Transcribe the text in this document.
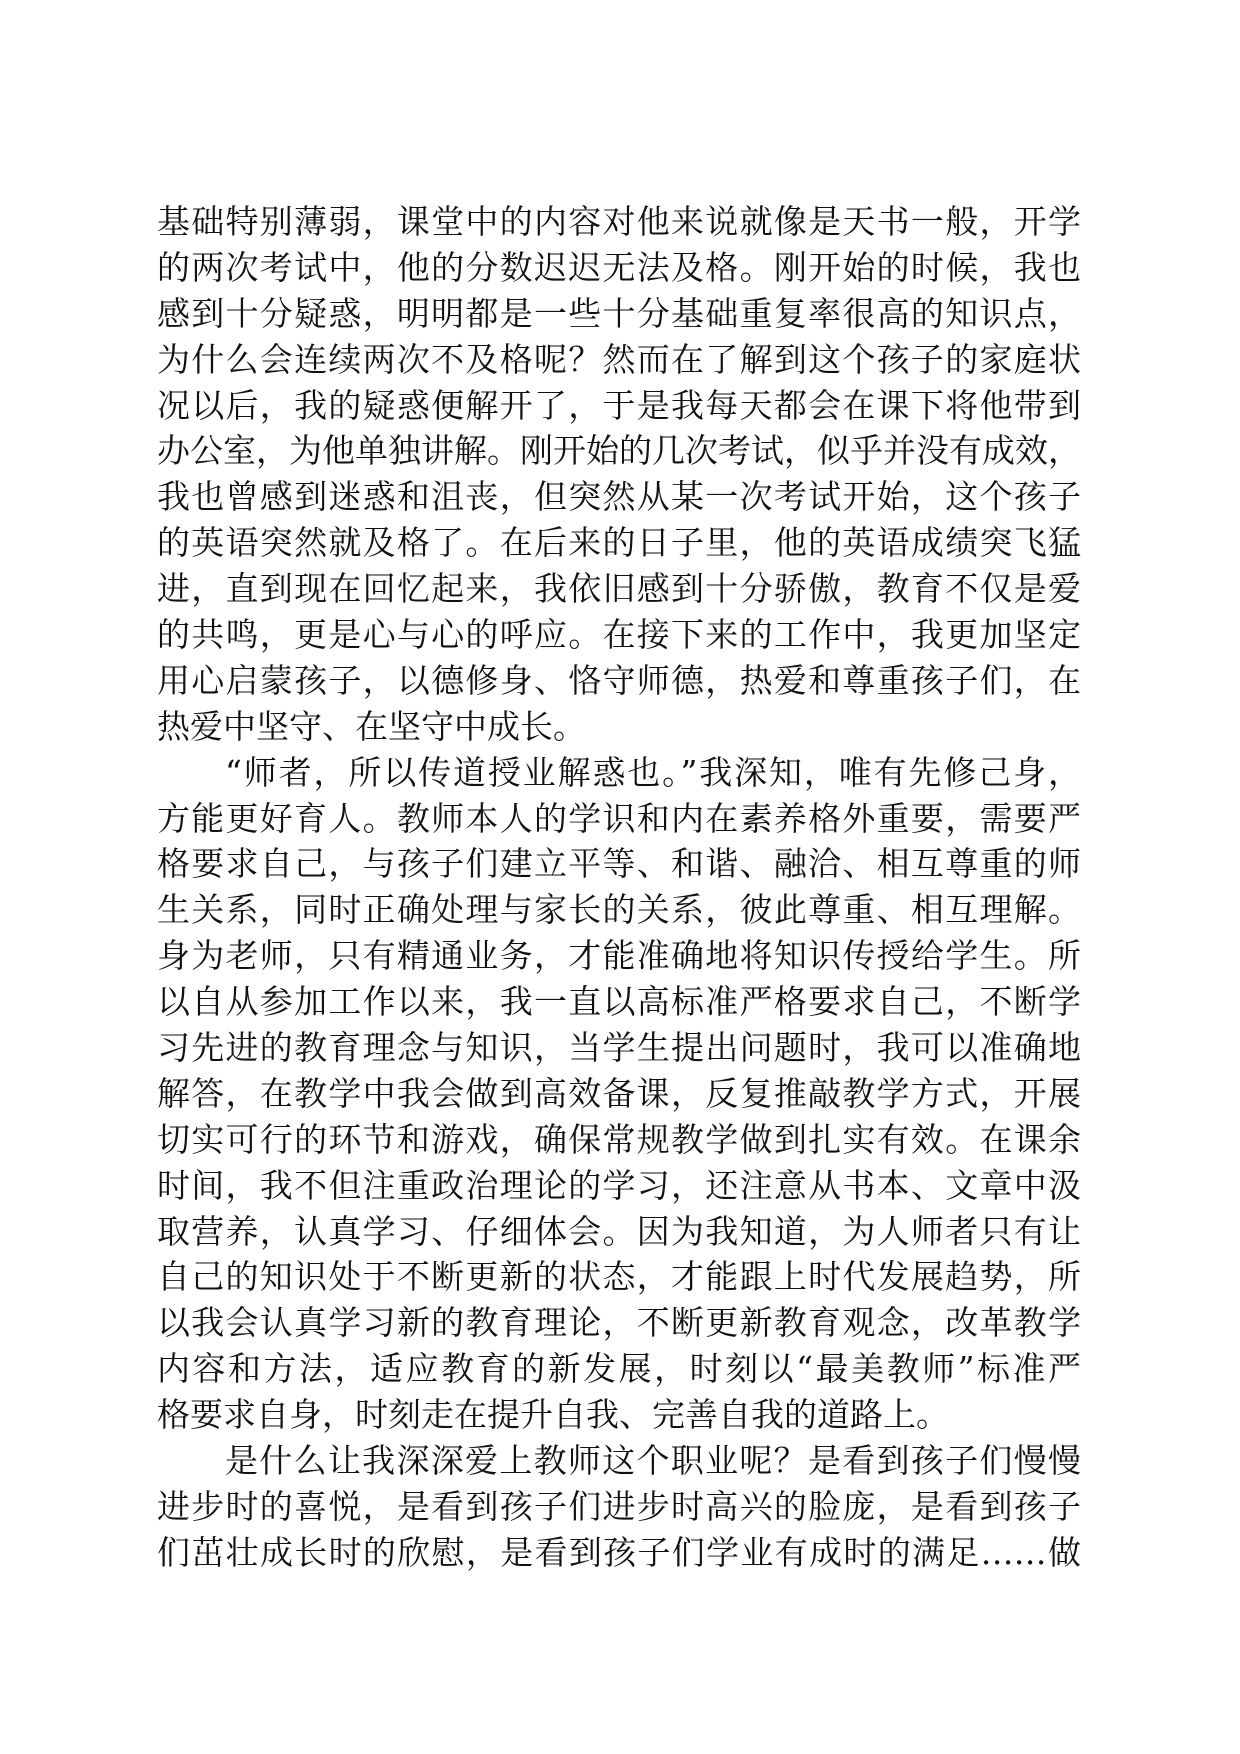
基础特别薄弱，课堂中的内容对他来说就像是天书一般，开学
的两次考试中，他的分数迟迟无法及格。刚开始的时候，我也
感到十分疑惑，明明都是一些十分基础重复率很高的知识点，
为什么会连续两次不及格呢？然而在了解到这个孩子的家庭状
况以后，我的疑惑便解开了，于是我每天都会在课下将他带到
办公室，为他单独讲解。刚开始的几次考试，似乎并没有成效，
我也曾感到迷惑和沮丧，但突然从某一次考试开始，这个孩子
的英语突然就及格了。在后来的日子里，他的英语成绩突飞猛
进，直到现在回忆起来，我依旧感到十分骄傲，教育不仅是爱
的共鸣，更是心与心的呼应。在接下来的工作中，我更加坚定
用心启蒙孩子，以德修身、恪守师德，热爱和尊重孩子们，在
热爱中坚守、在坚守中成长。
“师者，所以传道授业解惑也。”我深知，唯有先修己身，
方能更好育人。教师本人的学识和内在素养格外重要，需要严
格要求自己，与孩子们建立平等、和谐、融洽、相互尊重的师
生关系，同时正确处理与家长的关系，彼此尊重、相互理解。
身为老师，只有精通业务，才能准确地将知识传授给学生。所
以自从参加工作以来，我一直以高标准严格要求自己，不断学
习先进的教育理念与知识，当学生提出问题时，我可以准确地
解答，在教学中我会做到高效备课，反复推敲教学方式，开展
切实可行的环节和游戏，确保常规教学做到扎实有效。在课余
时间，我不但注重政治理论的学习，还注意从书本、文章中汲
取营养，认真学习、仔细体会。因为我知道，为人师者只有让
自己的知识处于不断更新的状态，才能跟上时代发展趋势，所
以我会认真学习新的教育理论，不断更新教育观念，改革教学
内容和方法，适应教育的新发展，时刻以“最美教师”标准严
格要求自身，时刻走在提升自我、完善自我的道路上。
是什么让我深深爱上教师这个职业呢？是看到孩子们慢慢
进步时的喜悦，是看到孩子们进步时高兴的脸庞，是看到孩子
们茁壮成长时的欣慰，是看到孩子们学业有成时的满足……做
